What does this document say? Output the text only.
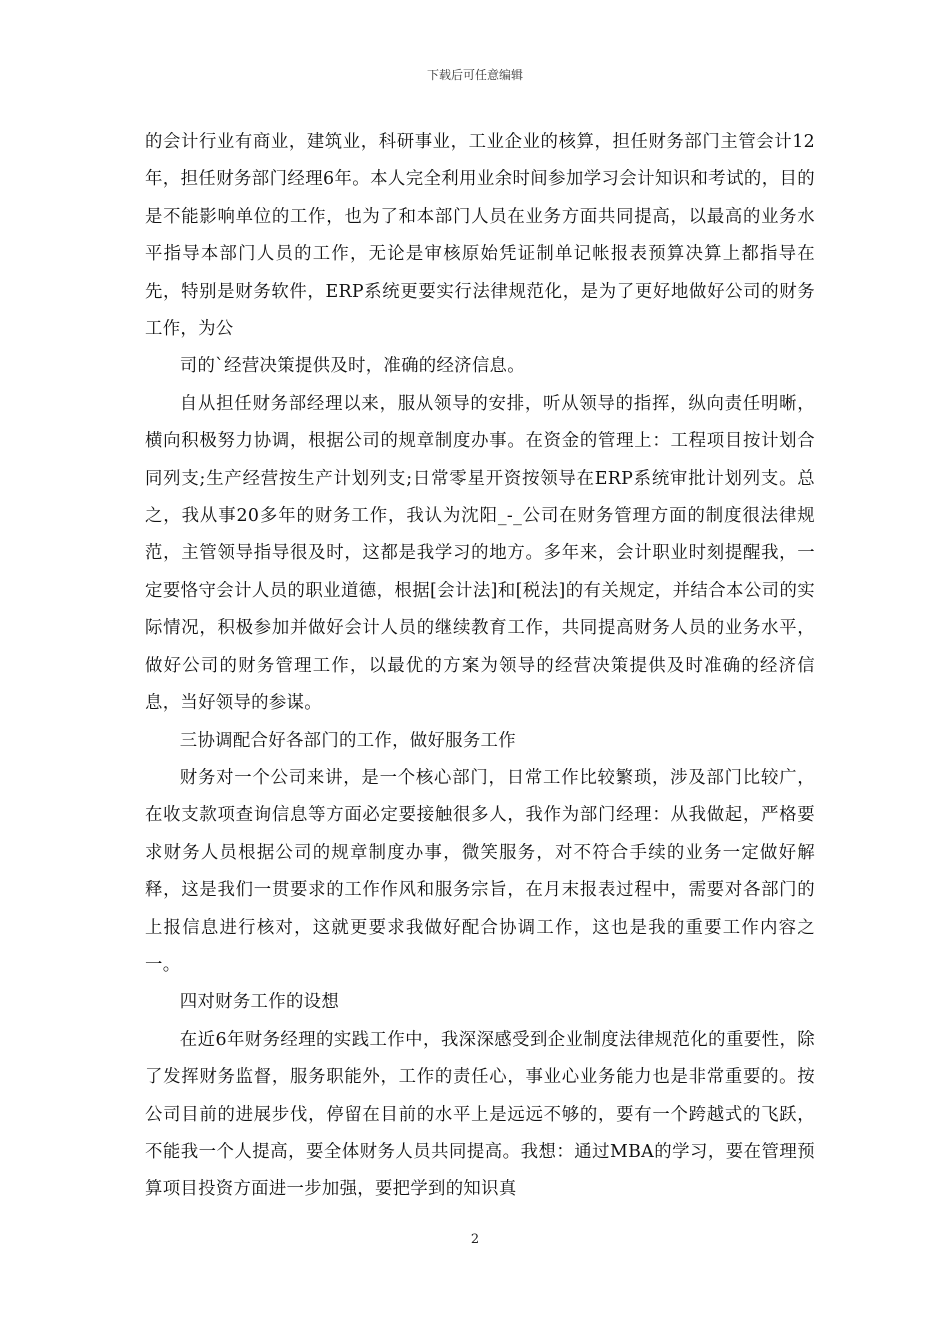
下载后可任意编辑

的会计行业有商业，建筑业，科研事业，工业企业的核算，担任财务部门主管会计12年，担任财务部门经理6年。本人完全利用业余时间参加学习会计知识和考试的，目的是不能影响单位的工作，也为了和本部门人员在业务方面共同提高，以最高的业务水平指导本部门人员的工作，无论是审核原始凭证制单记帐报表预算决算上都指导在先，特别是财务软件，ERP系统更要实行法律规范化，是为了更好地做好公司的财务工作，为公

司的`经营决策提供及时，准确的经济信息。

自从担任财务部经理以来，服从领导的安排，听从领导的指挥，纵向责任明晰，横向积极努力协调，根据公司的规章制度办事。在资金的管理上：工程项目按计划合同列支;生产经营按生产计划列支;日常零星开资按领导在ERP系统审批计划列支。总之，我从事20多年的财务工作，我认为沈阳_-_公司在财务管理方面的制度很法律规范，主管领导指导很及时，这都是我学习的地方。多年来，会计职业时刻提醒我，一定要恪守会计人员的职业道德，根据[会计法]和[税法]的有关规定，并结合本公司的实际情况，积极参加并做好会计人员的继续教育工作，共同提高财务人员的业务水平，做好公司的财务管理工作，以最优的方案为领导的经营决策提供及时准确的经济信息，当好领导的参谋。

三协调配合好各部门的工作，做好服务工作

财务对一个公司来讲，是一个核心部门，日常工作比较繁琐，涉及部门比较广，在收支款项查询信息等方面必定要接触很多人，我作为部门经理：从我做起，严格要求财务人员根据公司的规章制度办事，微笑服务，对不符合手续的业务一定做好解释，这是我们一贯要求的工作作风和服务宗旨，在月末报表过程中，需要对各部门的上报信息进行核对，这就更要求我做好配合协调工作，这也是我的重要工作内容之一。

四对财务工作的设想

在近6年财务经理的实践工作中，我深深感受到企业制度法律规范化的重要性，除了发挥财务监督，服务职能外，工作的责任心，事业心业务能力也是非常重要的。按公司目前的进展步伐，停留在目前的水平上是远远不够的，要有一个跨越式的飞跃，不能我一个人提高，要全体财务人员共同提高。我想：通过MBA的学习，要在管理预算项目投资方面进一步加强，要把学到的知识真

2
